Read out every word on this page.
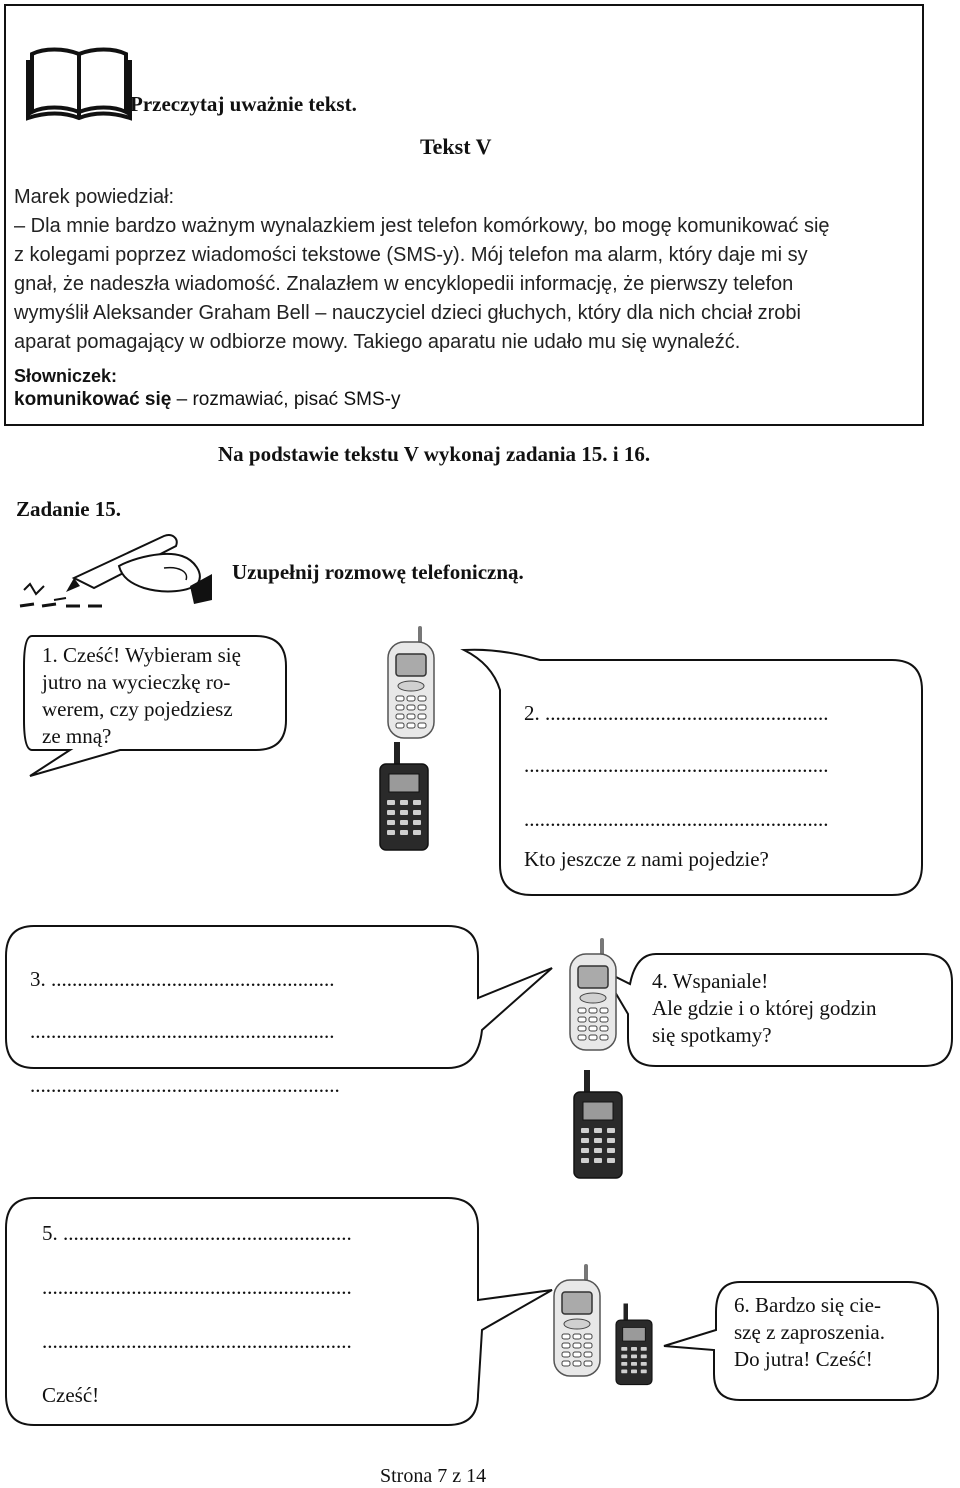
Przeczytaj uważnie tekst.
Tekst V
Marek powiedział:
– Dla mnie bardzo ważnym wynalazkiem jest telefon komórkowy, bo mogę komunikować się
z kolegami poprzez wiadomości tekstowe (SMS-y). Mój telefon ma alarm, który daje mi sy
gnał, że nadeszła wiadomość. Znalazłem w encyklopedii informację, że pierwszy telefon
wymyślił Aleksander Graham Bell – nauczyciel dzieci głuchych, który dla nich chciał zrobi
aparat pomagający w odbiorze mowy. Takiego aparatu nie udało mu się wynaleźć.
Słowniczek:
komunikować się – rozmawiać, pisać SMS-y
Na podstawie tekstu V wykonaj zadania 15. i 16.
Zadanie 15.
Uzupełnij rozmowę telefoniczną.
1. Cześć! Wybieram się
jutro na wycieczkę ro-
werem, czy pojedziesz
ze mną?
2. ......................................................
..........................................................
..........................................................
Kto jeszcze z nami pojedzie?
3. ......................................................
..........................................................
...........................................................
4. Wspaniale!
Ale gdzie i o której godzin
się spotkamy?
5. .......................................................
...........................................................
...........................................................
Cześć!
6. Bardzo się cie-
szę z zaproszenia.
Do jutra! Cześć!
Strona 7 z 14
